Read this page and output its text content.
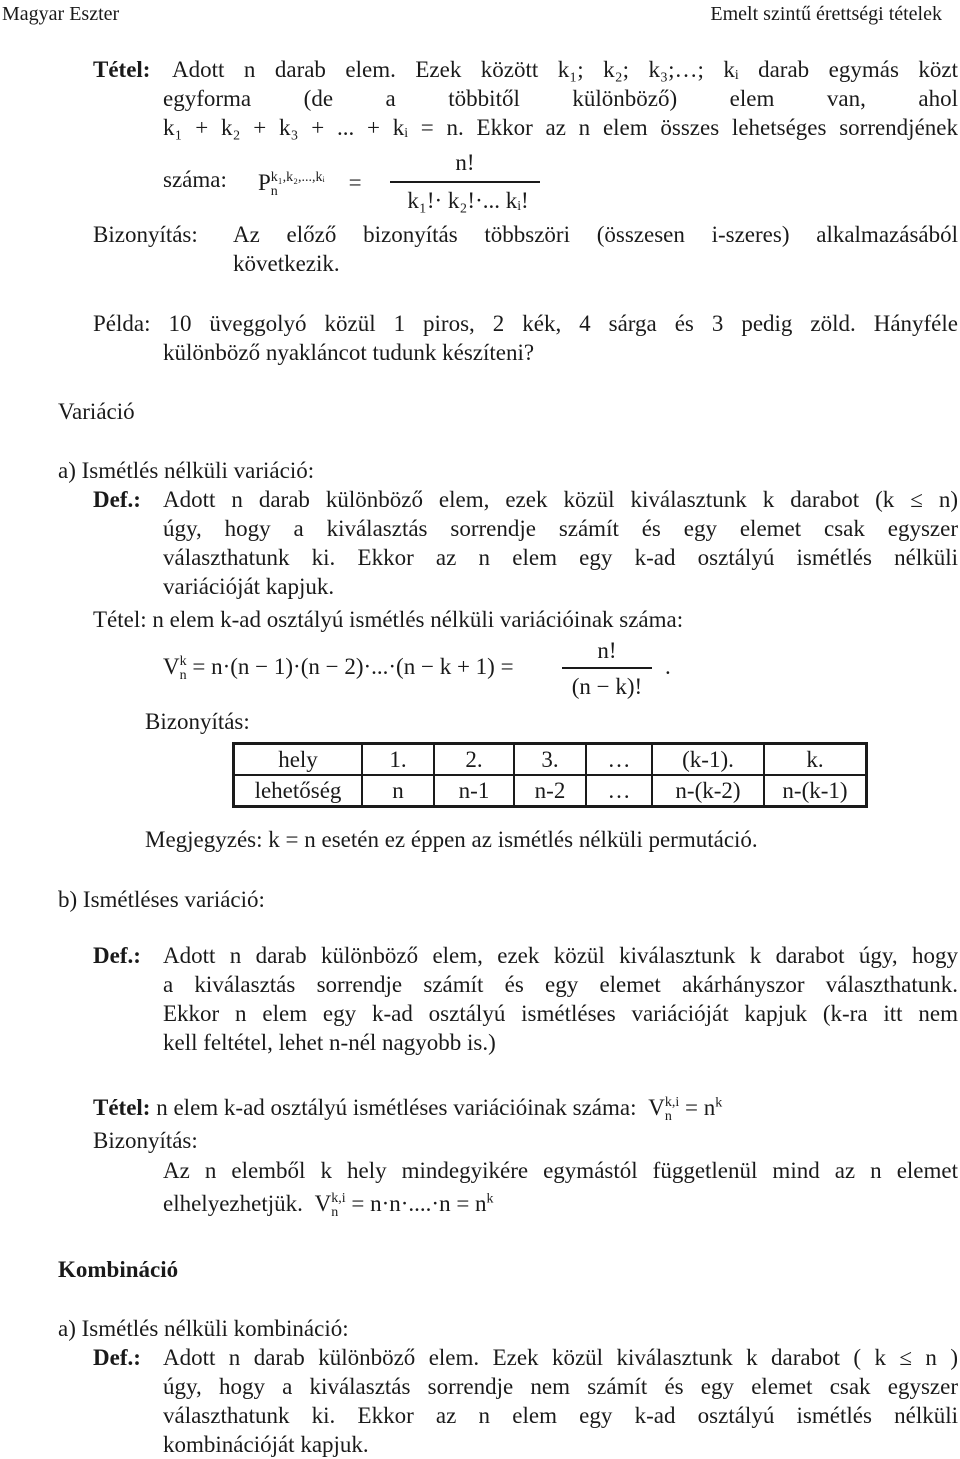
Magyar Eszter	Emelt szintű érettségi tételek
Tétel: Adott n darab elem. Ezek között k₁; k₂; k₃;…; kᵢ darab egymás közt
egyforma (de a többitől különböző) elem van, ahol
k₁ + k₂ + k₃ + ... + kᵢ = n. Ekkor az n elem összes lehetséges sorrendjének
száma: P k₁,k₂,...,kᵢ
n	=
n!
k₁!· k₂!·... kᵢ!
Bizonyítás: Az előző bizonyítás többszöri (összesen i-szeres) alkalmazásából
következik.
Példa: 10 üveggolyó közül 1 piros, 2 kék, 4 sárga és 3 pedig zöld. Hányféle
különböző nyakláncot tudunk készíteni?
Variáció
a) Ismétlés nélküli variáció:
Def.: Adott n darab különböző elem, ezek közül kiválasztunk k darabot (k ≤ n)
úgy, hogy a kiválasztás sorrendje számít és egy elemet csak egyszer
választhatunk ki. Ekkor az n elem egy k-ad osztályú ismétlés nélküli
variációját kapjuk.
Tétel: n elem k-ad osztályú ismétlés nélküli variációinak száma:
V k
n = n·(n − 1)·(n − 2)·...·(n − k + 1) =
n!
(n − k)!
.
Bizonyítás:
hely	1.	2.	3.	…	(k-1).	k.
lehetőség	n	n-1	n-2	…	n-(k-2)	n-(k-1)
Megjegyzés: k = n esetén ez éppen az ismétlés nélküli permutáció.
b) Ismétléses variáció:
Def.: Adott n darab különböző elem, ezek közül kiválasztunk k darabot úgy, hogy
a kiválasztás sorrendje számít és egy elemet akárhányszor választhatunk.
Ekkor n elem egy k-ad osztályú ismétléses variációját kapjuk (k-ra itt nem
kell feltétel, lehet n-nél nagyobb is.)
Tétel: n elem k-ad osztályú ismétléses variációinak száma: V k,i
$n = n^k$
Bizonyítás:
Az n elemből k hely mindegyikére egymástól függetlenül mind az n elemet
elhelyezhetjük. V k,i
$n = n\cdot n\cdot....\cdot n = n^k$
Kombináció
a) Ismétlés nélküli kombináció:
Def.: Adott n darab különböző elem. Ezek közül kiválasztunk k darabot ( k ≤ n )
úgy, hogy a kiválasztás sorrendje nem számít és egy elemet csak egyszer
választhatunk ki. Ekkor az n elem egy k-ad osztályú ismétlés nélküli
kombinációját kapjuk.
